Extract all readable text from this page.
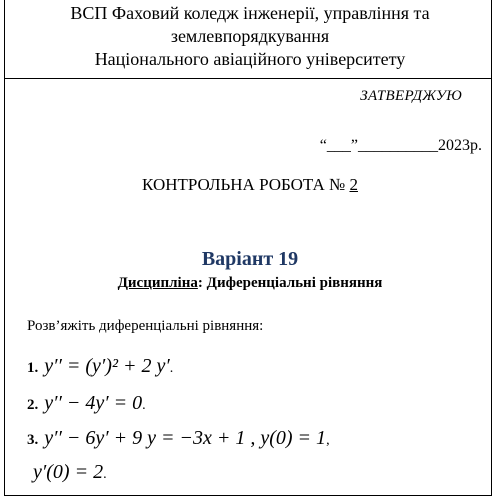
ВСП Фаховий коледж інженерії, управління та
землевпорядкування
Національного авіаційного університету
ЗАТВЕРДЖУЮ
“___”__________2023р.
КОНТРОЛЬНА РОБОТА № 2
Варіант 19
Дисципліна: Диференціальні рівняння
Розв’яжіть диференціальні рівняння:
1. y′′ = (y′)² + 2 y′.
2. y′′ − 4y′ = 0.
3. y′′ − 6y′ + 9 y = −3x + 1 , y(0) = 1,
y′(0) = 2.
